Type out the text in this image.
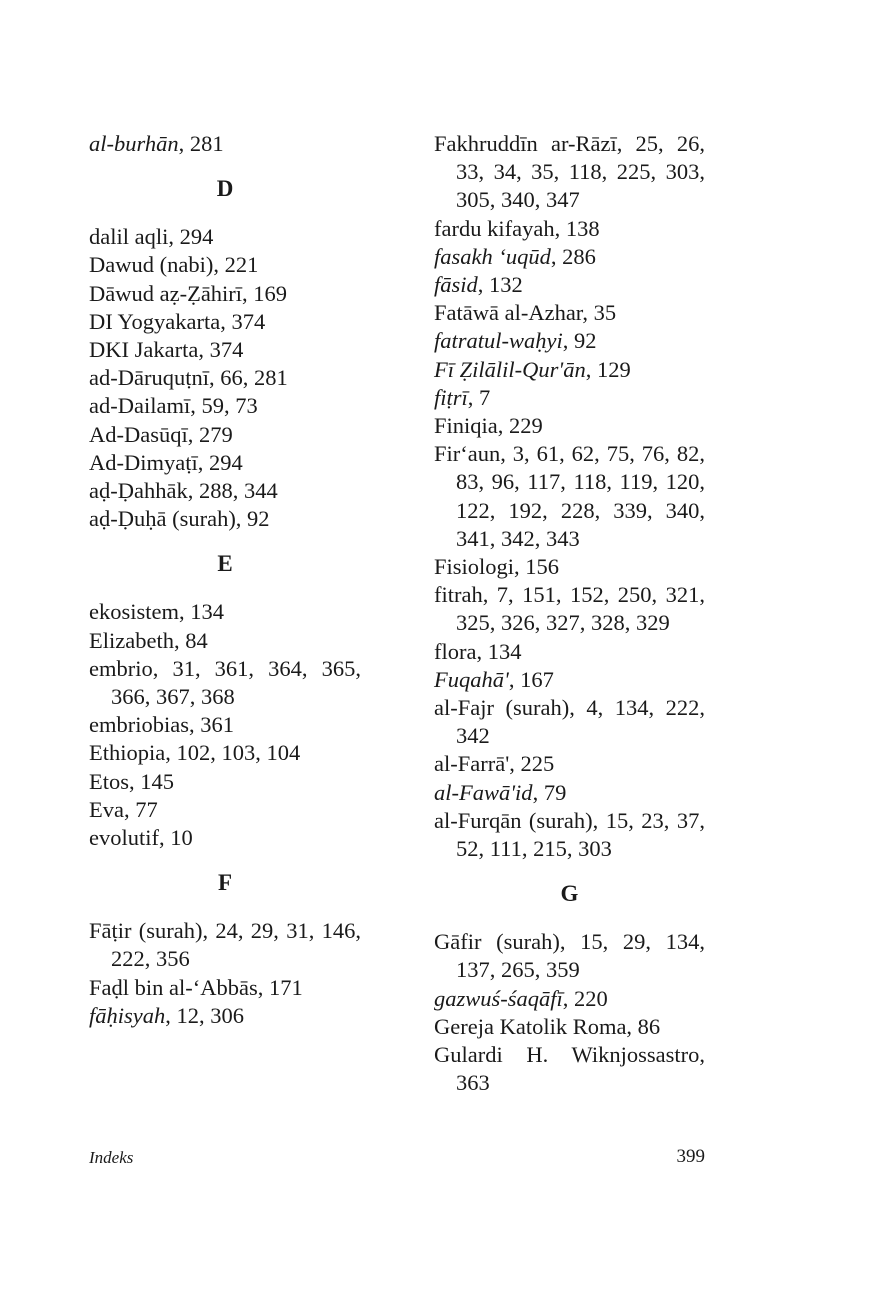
al-burhān, 281
D
dalil aqli, 294
Dawud (nabi), 221
Dāwud aẓ-Ẓāhirī, 169
DI Yogyakarta, 374
DKI Jakarta, 374
ad-Dāruquṭnī, 66, 281
ad-Dailamī, 59, 73
Ad-Dasūqī, 279
Ad-Dimyaṭī, 294
aḍ-Ḍahhāk, 288, 344
aḍ-Ḍuḥā (surah), 92
E
ekosistem, 134
Elizabeth, 84
embrio, 31, 361, 364, 365, 366, 367, 368
embriobias, 361
Ethiopia, 102, 103, 104
Etos, 145
Eva, 77
evolutif, 10
F
Fāṭir (surah), 24, 29, 31, 146, 222, 356
Faḍl bin al-‘Abbās, 171
fāḥisyah, 12, 306
Fakhruddīn ar-Rāzī, 25, 26, 33, 34, 35, 118, 225, 303, 305, 340, 347
fardu kifayah, 138
fasakh ‘uqūd, 286
fāsid, 132
Fatāwā al-Azhar, 35
fatratul-waḥyi, 92
Fī Ẓilālil-Qur'ān, 129
fiṭrī, 7
Finiqia, 229
Fir‘aun, 3, 61, 62, 75, 76, 82, 83, 96, 117, 118, 119, 120, 122, 192, 228, 339, 340, 341, 342, 343
Fisiologi, 156
fitrah, 7, 151, 152, 250, 321, 325, 326, 327, 328, 329
flora, 134
Fuqahā', 167
al-Fajr (surah), 4, 134, 222, 342
al-Farrā', 225
al-Fawā'id, 79
al-Furqān (surah), 15, 23, 37, 52, 111, 215, 303
G
Gāfir (surah), 15, 29, 134, 137, 265, 359
gazwuś-śaqāfī, 220
Gereja Katolik Roma, 86
Gulardi H. Wiknjossastro, 363
Indeks	399
